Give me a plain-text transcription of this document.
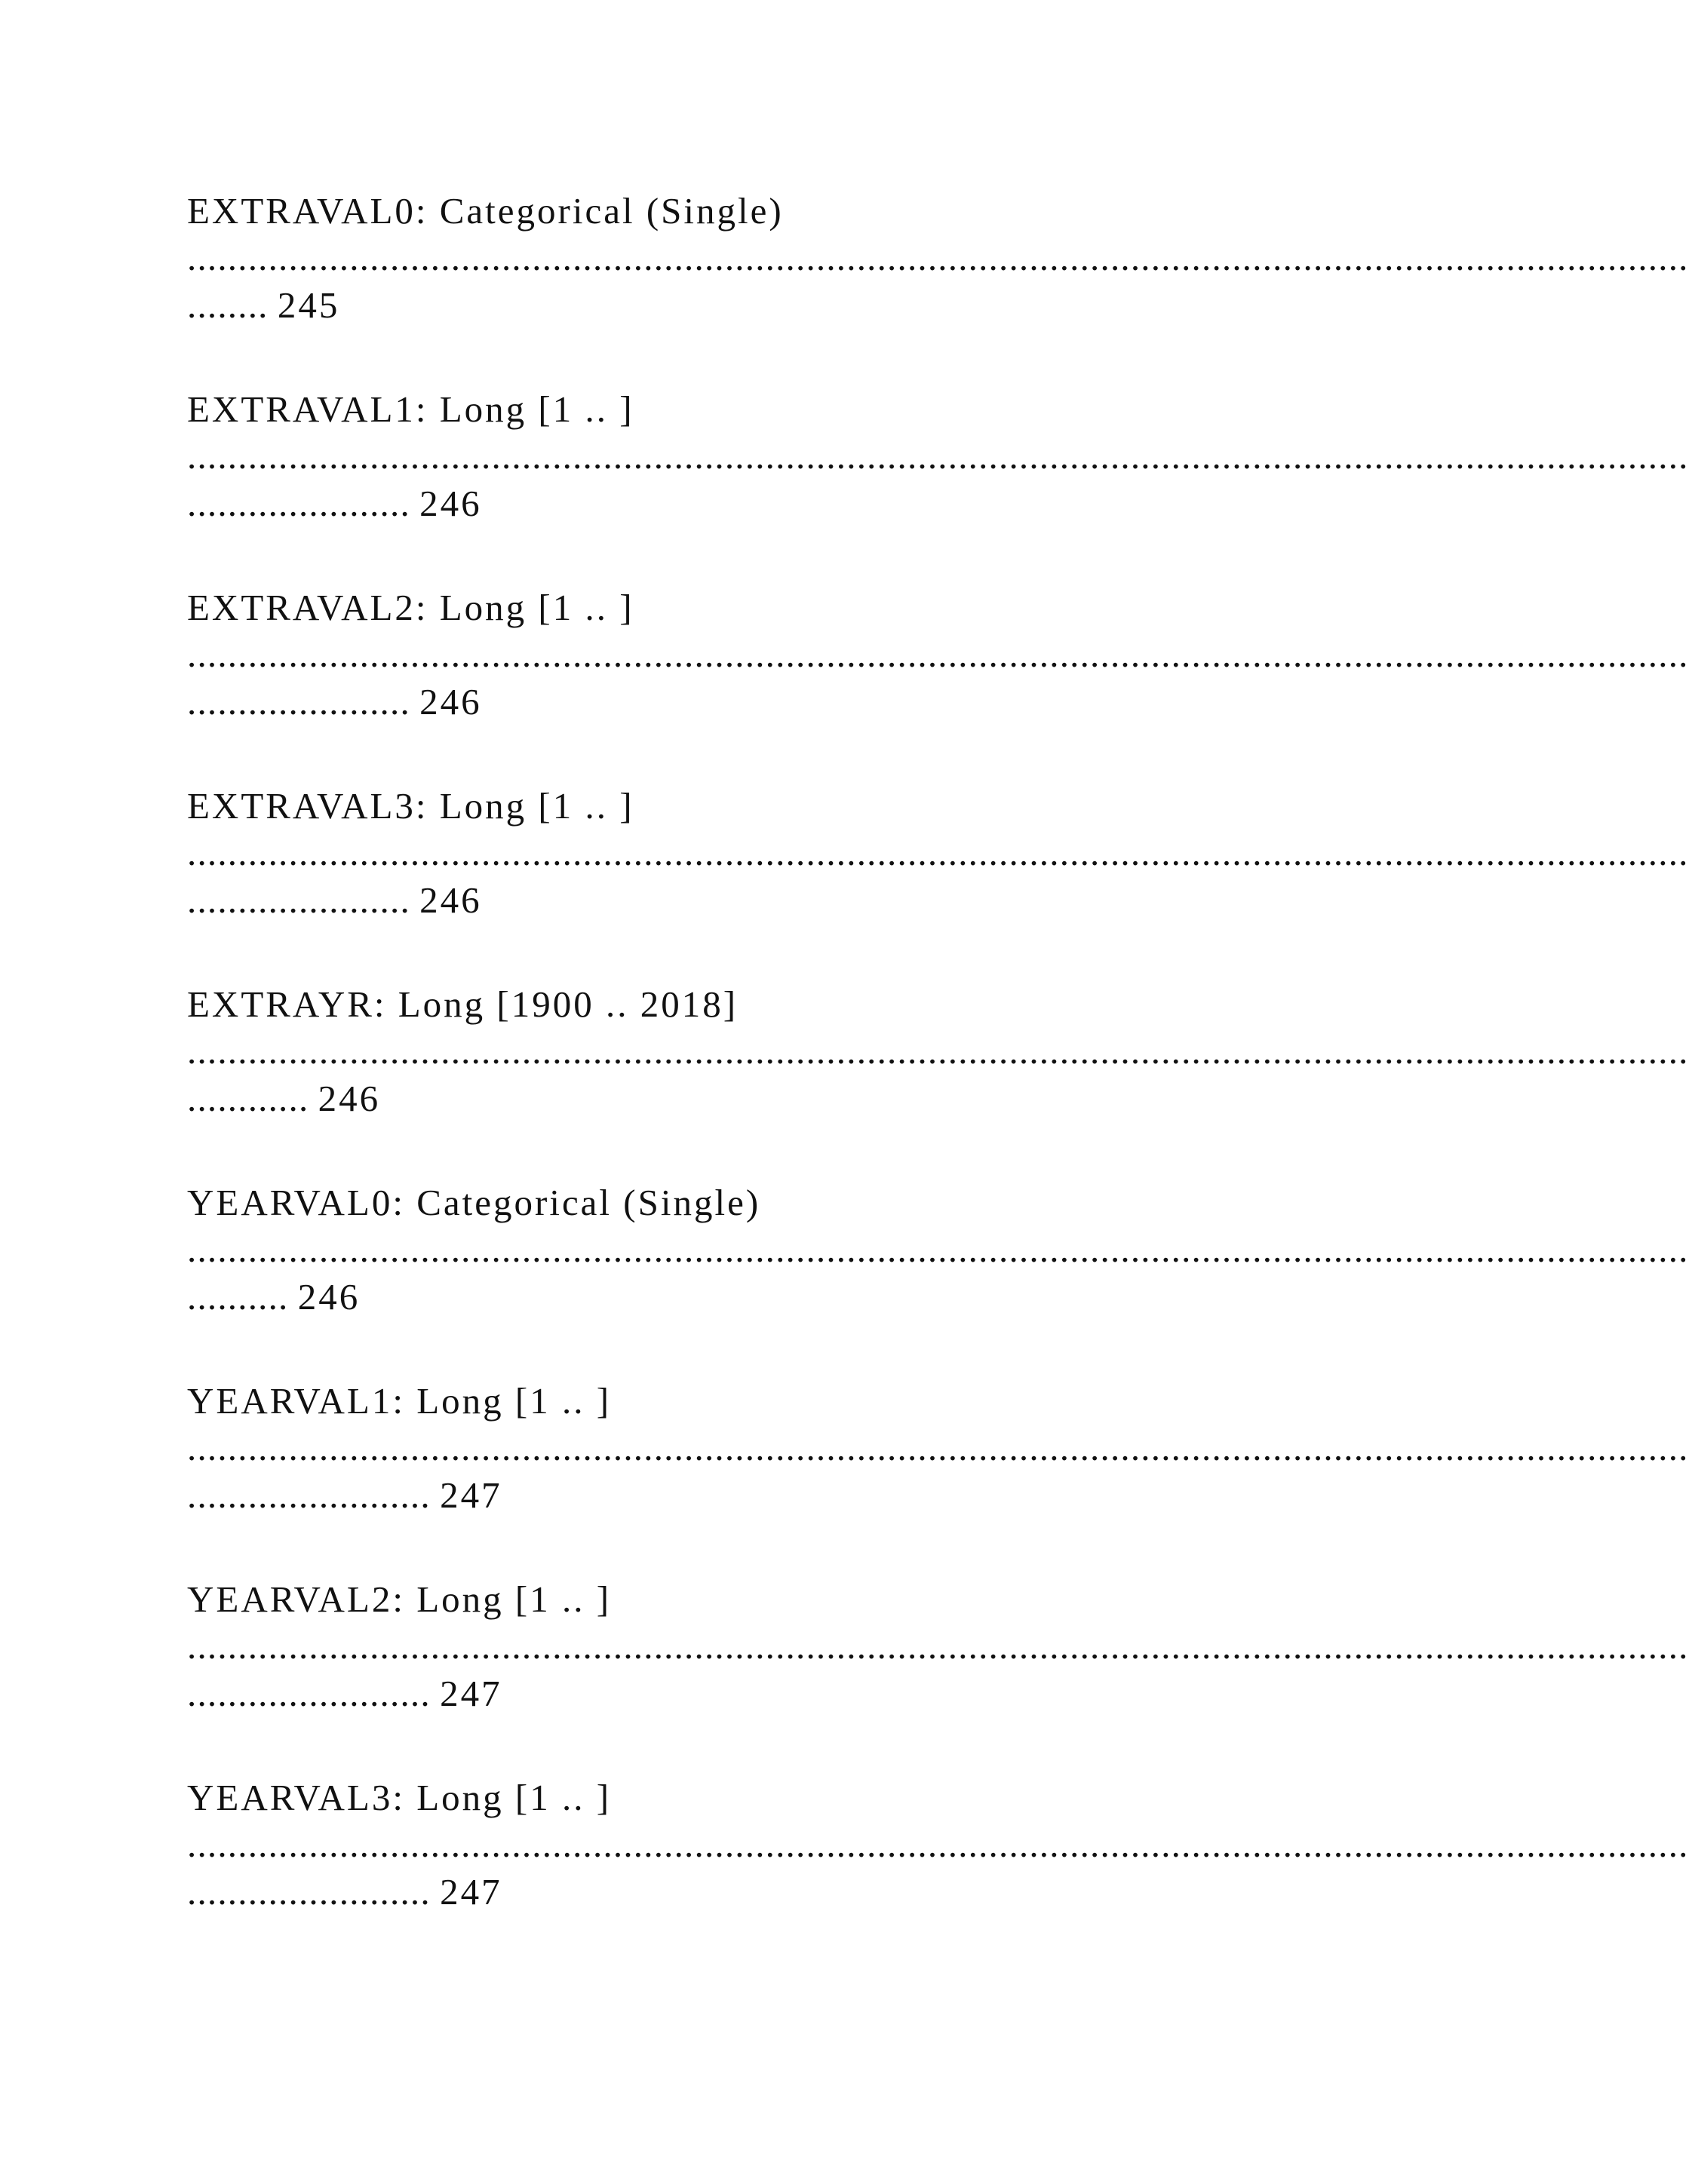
EXTRAVAL0: Categorical (Single)
....................................................................................................................................................
........ 245
EXTRAVAL1: Long [1 .. ]
....................................................................................................................................................
...................... 246
EXTRAVAL2: Long [1 .. ]
....................................................................................................................................................
...................... 246
EXTRAVAL3: Long [1 .. ]
....................................................................................................................................................
...................... 246
EXTRAYR: Long [1900 .. 2018]
....................................................................................................................................................
............ 246
YEARVAL0: Categorical (Single)
....................................................................................................................................................
.......... 246
YEARVAL1: Long [1 .. ]
....................................................................................................................................................
........................ 247
YEARVAL2: Long [1 .. ]
....................................................................................................................................................
........................ 247
YEARVAL3: Long [1 .. ]
....................................................................................................................................................
........................ 247
